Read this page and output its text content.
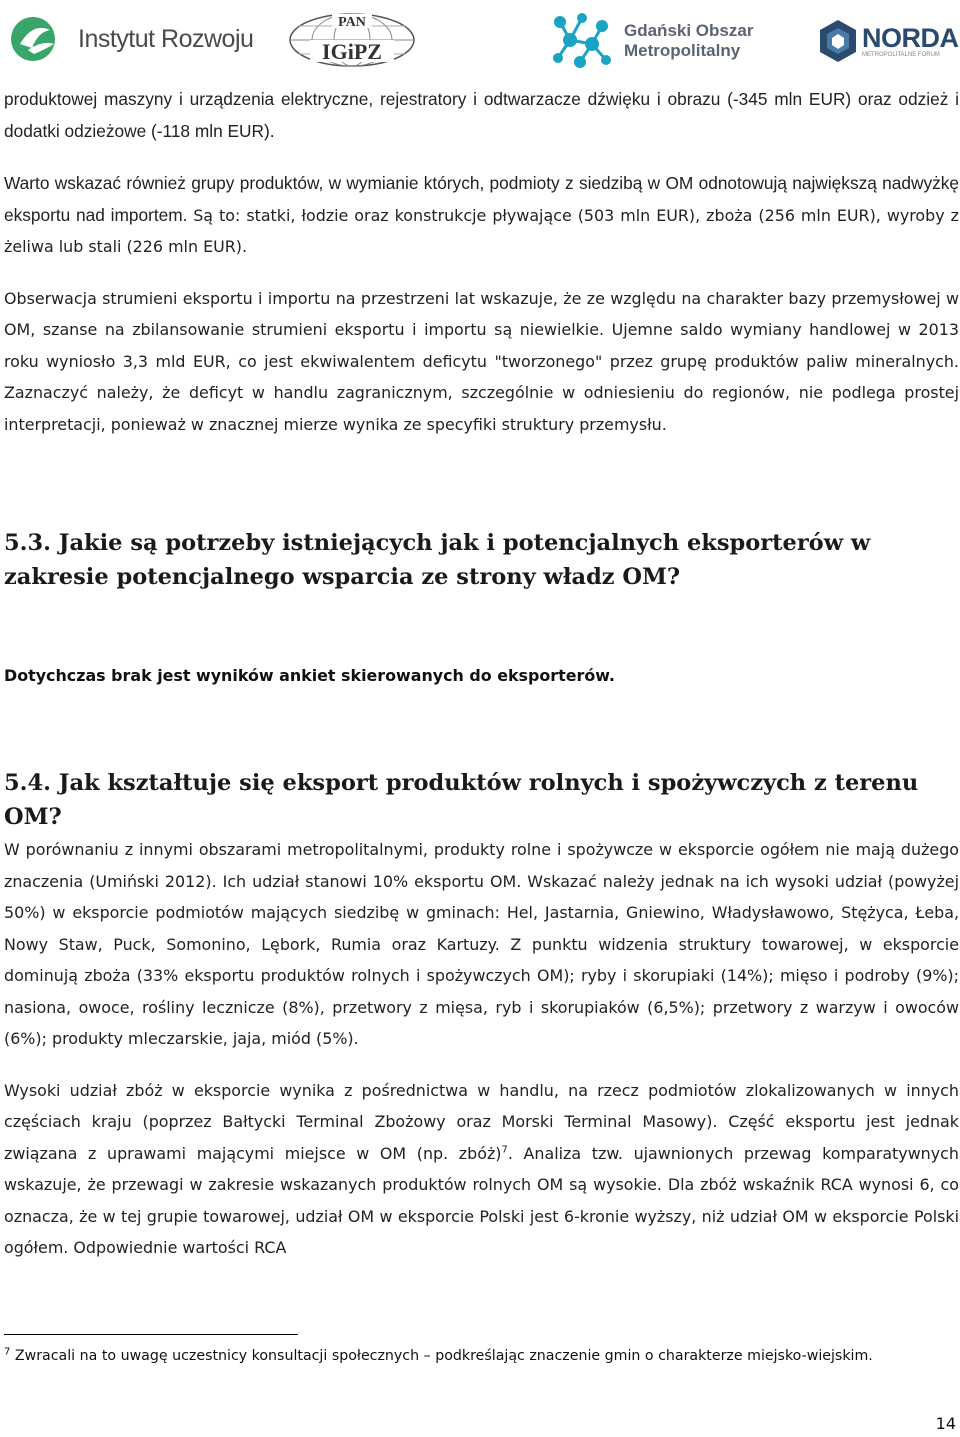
Instytut Rozwoju
PAN
IGiPZ
Gdański Obszar
Metropolitalny	NORDA
METROPOLITALNE FORUM

produktowej maszyny i urządzenia elektryczne, rejestratory i odtwarzacze dźwięku i obrazu (-345 mln EUR) oraz odzież i dodatki odzieżowe (-118 mln EUR).

Warto wskazać również grupy produktów, w wymianie których, podmioty z siedzibą w OM odnotowują największą nadwyżkę eksportu nad importem. Są to: statki, łodzie oraz konstrukcje pływające (503 mln EUR), zboża (256 mln EUR), wyroby z żeliwa lub stali (226 mln EUR).

Obserwacja strumieni eksportu i importu na przestrzeni lat wskazuje, że ze względu na charakter bazy przemysłowej w OM, szanse na zbilansowanie strumieni eksportu i importu są niewielkie. Ujemne saldo wymiany handlowej w 2013 roku wyniosło 3,3 mld EUR, co jest ekwiwalentem deficytu "tworzonego" przez grupę produktów paliw mineralnych. Zaznaczyć należy, że deficyt w handlu zagranicznym, szczególnie w odniesieniu do regionów, nie podlega prostej interpretacji, ponieważ w znacznej mierze wynika ze specyfiki struktury przemysłu.

5.3. Jakie są potrzeby istniejących jak i potencjalnych eksporterów w zakresie potencjalnego wsparcia ze strony władz OM?

Dotychczas brak jest wyników ankiet skierowanych do eksporterów.

5.4. Jak kształtuje się eksport produktów rolnych i spożywczych z terenu OM?

W porównaniu z innymi obszarami metropolitalnymi, produkty rolne i spożywcze w eksporcie ogółem nie mają dużego znaczenia (Umiński 2012). Ich udział stanowi 10% eksportu OM. Wskazać należy jednak na ich wysoki udział (powyżej 50%) w eksporcie podmiotów mających siedzibę w gminach: Hel, Jastarnia, Gniewino, Władysławowo, Stężyca, Łeba, Nowy Staw, Puck, Somonino, Lębork, Rumia oraz Kartuzy. Z punktu widzenia struktury towarowej, w eksporcie dominują zboża (33% eksportu produktów rolnych i spożywczych OM); ryby i skorupiaki (14%); mięso i podroby (9%); nasiona, owoce, rośliny lecznicze (8%), przetwory z mięsa, ryb i skorupiaków (6,5%); przetwory z warzyw i owoców (6%); produkty mleczarskie, jaja, miód (5%).

Wysoki udział zbóż w eksporcie wynika z pośrednictwa w handlu, na rzecz podmiotów zlokalizowanych w innych częściach kraju (poprzez Bałtycki Terminal Zbożowy oraz Morski Terminal Masowy). Część eksportu jest jednak związana z uprawami mającymi miejsce w OM (np. zbóż)$^7$. Analiza tzw. ujawnionych przewag komparatywnych wskazuje, że przewagi w zakresie wskazanych produktów rolnych OM są wysokie. Dla zbóż wskaźnik RCA wynosi 6, co oznacza, że w tej grupie towarowej, udział OM w eksporcie Polski jest 6-kronie wyższy, niż udział OM w eksporcie Polski ogółem. Odpowiednie wartości RCA

$^7$ Zwracali na to uwagę uczestnicy konsultacji społecznych – podkreślając znaczenie gmin o charakterze miejsko-wiejskim.
14
